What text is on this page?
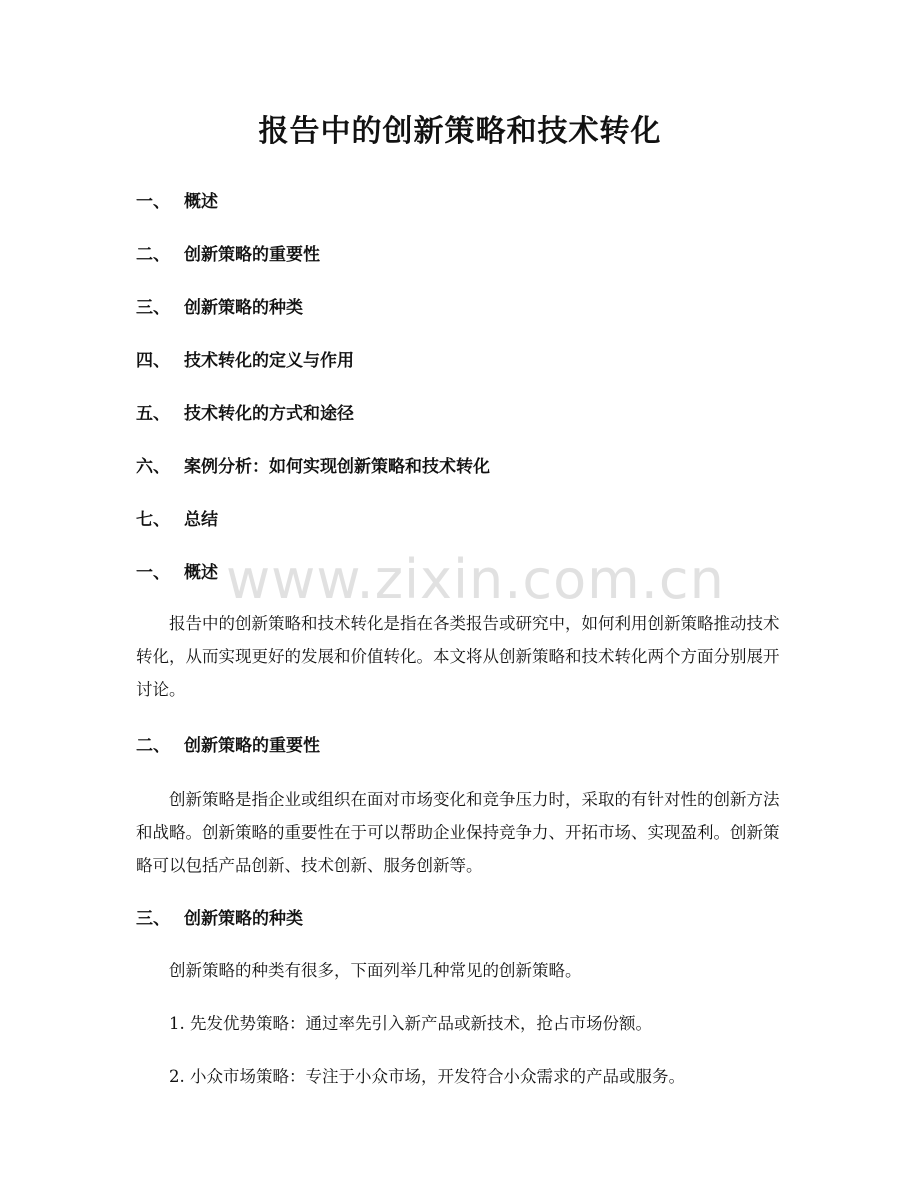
报告中的创新策略和技术转化
一、 概述
二、 创新策略的重要性
三、 创新策略的种类
四、 技术转化的定义与作用
五、 技术转化的方式和途径
六、 案例分析：如何实现创新策略和技术转化
七、 总结
www.zixin.com.cn
一、 概述
报告中的创新策略和技术转化是指在各类报告或研究中，如何利用创新策略推动技术转化，从而实现更好的发展和价值转化。本文将从创新策略和技术转化两个方面分别展开讨论。
二、 创新策略的重要性
创新策略是指企业或组织在面对市场变化和竞争压力时，采取的有针对性的创新方法和战略。创新策略的重要性在于可以帮助企业保持竞争力、开拓市场、实现盈利。创新策略可以包括产品创新、技术创新、服务创新等。
三、 创新策略的种类
创新策略的种类有很多，下面列举几种常见的创新策略。
1. 先发优势策略：通过率先引入新产品或新技术，抢占市场份额。
2. 小众市场策略：专注于小众市场，开发符合小众需求的产品或服务。
